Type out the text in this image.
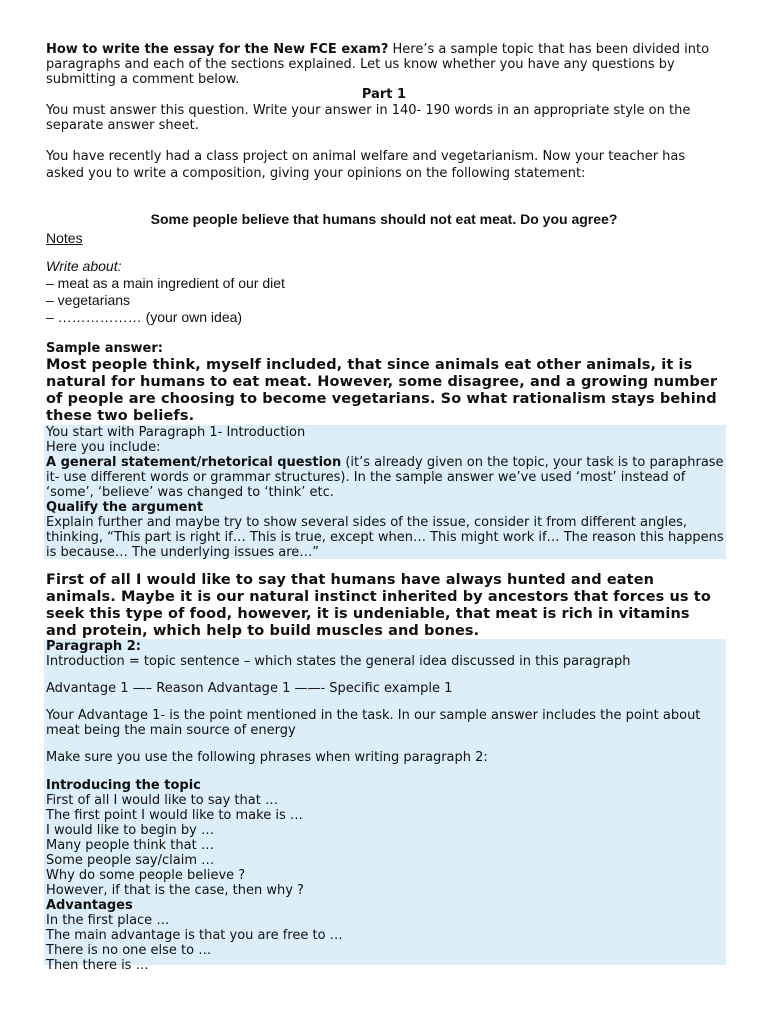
How to write the essay for the New FCE exam? Here’s a sample topic that has been divided into paragraphs and each of the sections explained. Let us know whether you have any questions by submitting a comment below.
Part 1
You must answer this question. Write your answer in 140- 190 words in an appropriate style on the separate answer sheet.
You have recently had a class project on animal welfare and vegetarianism. Now your teacher has asked you to write a composition, giving your opinions on the following statement:
Some people believe that humans should not eat meat. Do you agree?
Notes
Write about:
– meat as a main ingredient of our diet
– vegetarians
– ……………… (your own idea)
Sample answer:
Most people think, myself included, that since animals eat other animals, it is natural for humans to eat meat. However, some disagree, and a growing number of people are choosing to become vegetarians. So what rationalism stays behind these two beliefs.
You start with Paragraph 1- Introduction
Here you include:
A general statement/rhetorical question (it’s already given on the topic, your task is to paraphrase it- use different words or grammar structures). In the sample answer we’ve used ‘most’ instead of ‘some’, ‘believe’ was changed to ‘think’ etc.
Qualify the argument
Explain further and maybe try to show several sides of the issue, consider it from different angles, thinking, “This part is right if… This is true, except when… This might work if… The reason this happens is because… The underlying issues are…”
First of all I would like to say that humans have always hunted and eaten animals. Maybe it is our natural instinct inherited by ancestors that forces us to seek this type of food, however, it is undeniable, that meat is rich in vitamins and protein, which help to build muscles and bones.
Paragraph 2:
Introduction = topic sentence – which states the general idea discussed in this paragraph
Advantage 1 —– Reason Advantage 1 ——- Specific example 1
Your Advantage 1- is the point mentioned in the task. In our sample answer includes the point about meat being the main source of energy
Make sure you use the following phrases when writing paragraph 2:
Introducing the topic
First of all I would like to say that …
The first point I would like to make is …
I would like to begin by …
Many people think that …
Some people say/claim …
Why do some people believe ?
However, if that is the case, then why ?
Advantages
In the first place …
The main advantage is that you are free to …
There is no one else to …
Then there is …
